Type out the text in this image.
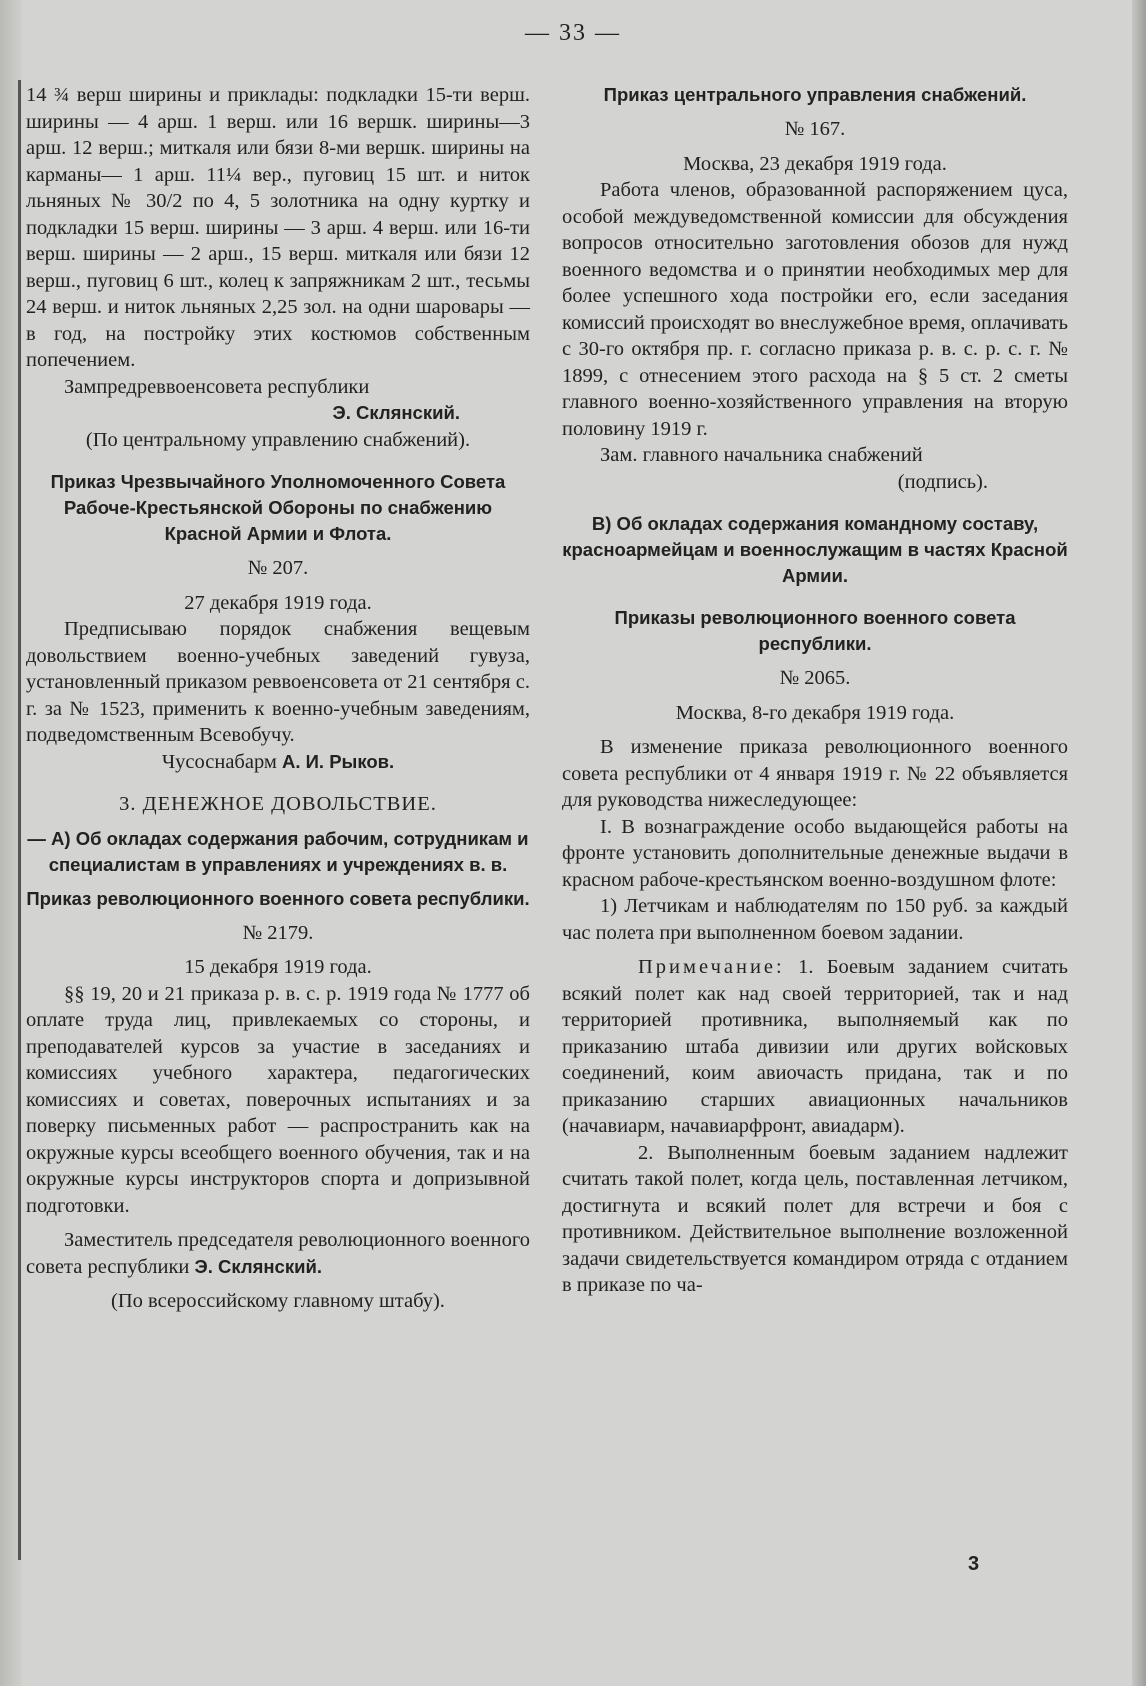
— 33 —

14 ¾ верш ширины и приклады: подкладки 15-ти верш. ширины — 4 арш. 1 верш. или 16 вершк. ширины—3 арш. 12 верш.; миткаля или бязи 8-ми вершк. ширины на карманы— 1 арш. 11¼ вер., пуговиц 15 шт. и ниток льняных № 30/2 по 4, 5 золотника на одну куртку и подкладки 15 верш. ширины — 3 арш. 4 верш. или 16-ти верш. ширины — 2 арш., 15 верш. миткаля или бязи 12 верш., пуговиц 6 шт., колец к запряжникам 2 шт., тесьмы 24 верш. и ниток льняных 2,25 зол. на одни шаровары — в год, на постройку этих костюмов собственным попечением.

Зампредреввоенсовета республики

Э. Склянский.

(По центральному управлению снабжений).

Приказ Чрезвычайного Уполномоченного Совета Рабоче-Крестьянской Обороны по снабжению Красной Армии и Флота.

№ 207.

27 декабря 1919 года.

Предписываю порядок снабжения вещевым довольствием военно-учебных заведений гувуза, установленный приказом реввоенсовета от 21 сентября с. г. за № 1523, применить к военно-учебным заведениям, подведомственным Всевобучу.

Чусоснабарм А. И. Рыков.

3. ДЕНЕЖНОЕ ДОВОЛЬСТВИЕ.

— А) Об окладах содержания рабочим, сотрудникам и специалистам в управлениях и учреждениях в. в.

Приказ революционного военного совета республики.

№ 2179.

15 декабря 1919 года.

§§ 19, 20 и 21 приказа р. в. с. р. 1919 года № 1777 об оплате труда лиц, привлекаемых со стороны, и преподавателей курсов за участие в заседаниях и комиссиях учебного характера, педагогических комиссиях и советах, поверочных испытаниях и за поверку письменных работ — распространить как на окружные курсы всеобщего военного обучения, так и на окружные курсы инструкторов спорта и допризывной подготовки.

Заместитель председателя революционного военного совета республики Э. Склянский.

(По всероссийскому главному штабу).

Приказ центрального управления снабжений.

№ 167.

Москва, 23 декабря 1919 года.

Работа членов, образованной распоряжением цуса, особой междуведомственной комиссии для обсуждения вопросов относительно заготовления обозов для нужд военного ведомства и о принятии необходимых мер для более успешного хода постройки его, если заседания комиссий происходят во внеслужебное время, оплачивать с 30-го октября пр. г. согласно приказа р. в. с. р. с. г. № 1899, с отнесением этого расхода на § 5 ст. 2 сметы главного военно-хозяйственного управления на вторую половину 1919 г.

Зам. главного начальника снабжений

(подпись).

В) Об окладах содержания командному составу, красноармейцам и военнослужащим в частях Красной Армии.

Приказы революционного военного совета республики.

№ 2065.

Москва, 8-го декабря 1919 года.

В изменение приказа революционного военного совета республики от 4 января 1919 г. № 22 объявляется для руководства нижеследующее:

I. В вознаграждение особо выдающейся работы на фронте установить дополнительные денежные выдачи в красном рабоче-крестьянском военно-воздушном флоте:

1) Летчикам и наблюдателям по 150 руб. за каждый час полета при выполненном боевом задании.

Примечание: 1. Боевым заданием считать всякий полет как над своей территорией, так и над территорией противника, выполняемый как по приказанию штаба дивизии или других войсковых соединений, коим авиочасть придана, так и по приказанию старших авиационных начальников (начавиарм, начавиарфронт, авиадарм).

2. Выполненным боевым заданием надлежит считать такой полет, когда цель, поставленная летчиком, достигнута и всякий полет для встречи и боя с противником. Действительное выполнение возложенной задачи свидетельствуется командиром отряда с отданием в приказе по ча-

3
